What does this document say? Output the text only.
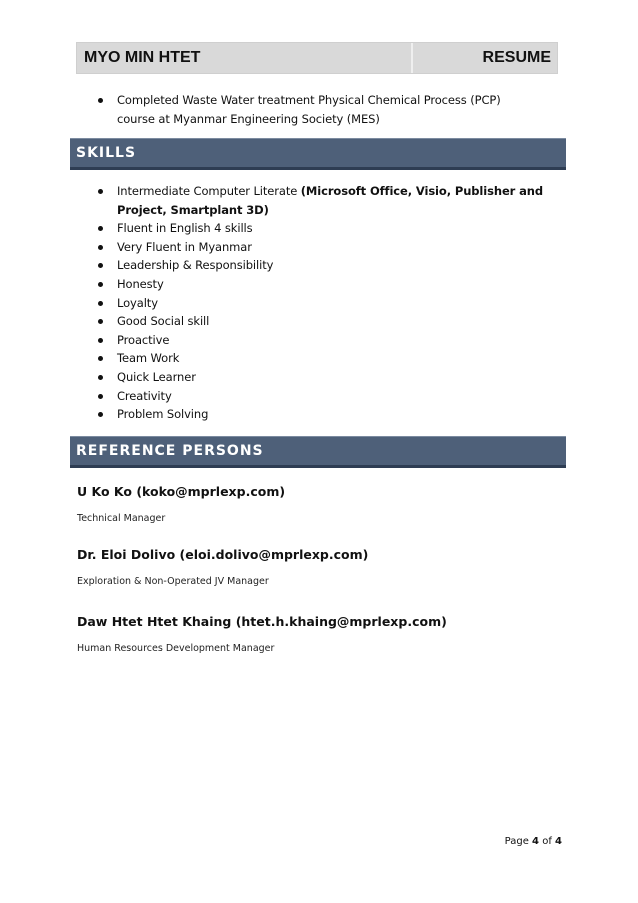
MYO MIN HTET	RESUME
Completed Waste Water treatment Physical Chemical Process (PCP) course at Myanmar Engineering Society (MES)
SKILLS
Intermediate Computer Literate (Microsoft Office, Visio, Publisher and Project, Smartplant 3D)
Fluent in English 4 skills
Very Fluent in Myanmar
Leadership & Responsibility
Honesty
Loyalty
Good Social skill
Proactive
Team Work
Quick Learner
Creativity
Problem Solving
REFERENCE PERSONS
U Ko Ko (koko@mprlexp.com)
Technical Manager
Dr. Eloi Dolivo (eloi.dolivo@mprlexp.com)
Exploration & Non-Operated JV Manager
Daw Htet Htet Khaing (htet.h.khaing@mprlexp.com)
Human Resources Development Manager
Page 4 of 4
